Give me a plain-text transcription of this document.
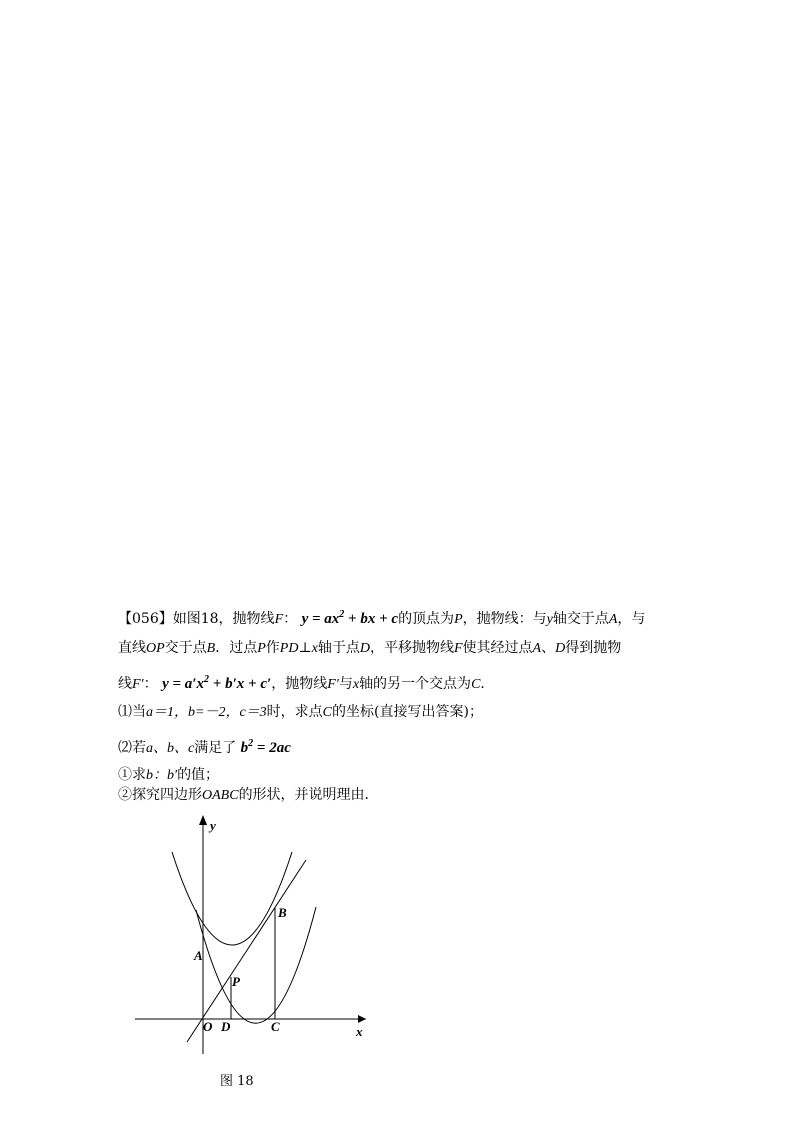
【056】如图18，抛物线F： $y = ax^2$ + bx + c的顶点为P，抛物线：与y轴交于点A，与
直线OP交于点B．过点P作PD⊥x轴于点D，平移抛物线F使其经过点A、D得到抛物
线F′： $y = a'x^2 + b'x + c'$，抛物线F′与x轴的另一个交点为C．
⑴当a＝1，b=－2，c＝3时，求点C的坐标(直接写出答案)；
⑵若a、b、c满足了 $b^2 = 2ac$
①求b：b′的值；
②探究四边形OABC的形状，并说明理由．
y
x
O D	C
A
P
B
图 18
